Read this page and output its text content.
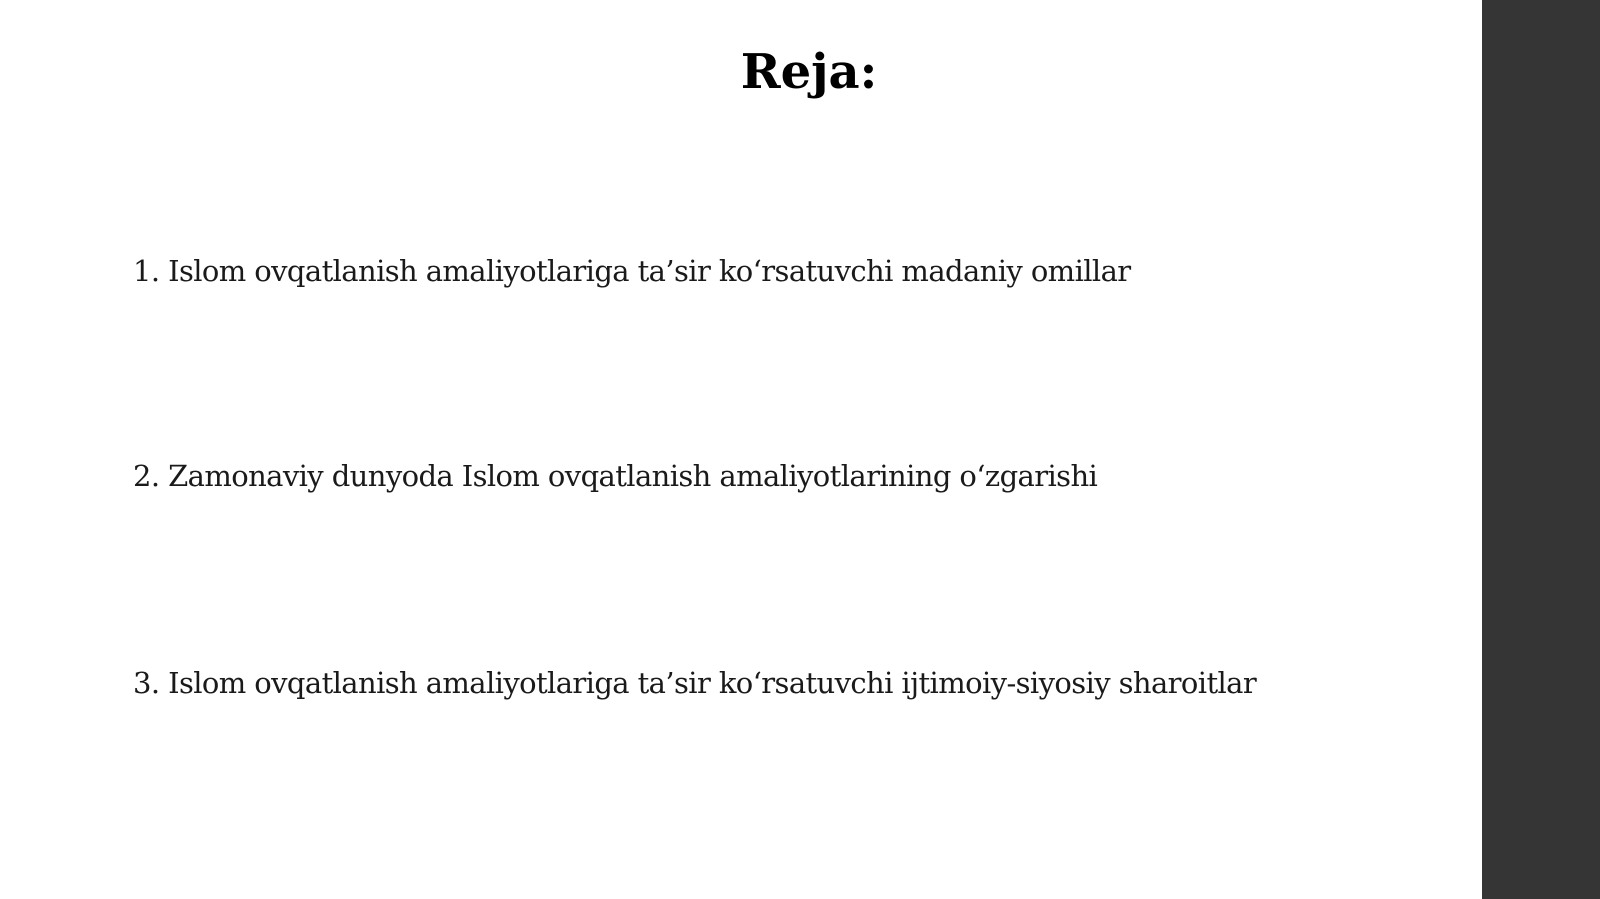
Reja:

1. Islom ovqatlanish amaliyotlariga ta’sir ko‘rsatuvchi madaniy omillar

2. Zamonaviy dunyoda Islom ovqatlanish amaliyotlarining o‘zgarishi

3. Islom ovqatlanish amaliyotlariga ta’sir ko‘rsatuvchi ijtimoiy-siyosiy sharoitlar
